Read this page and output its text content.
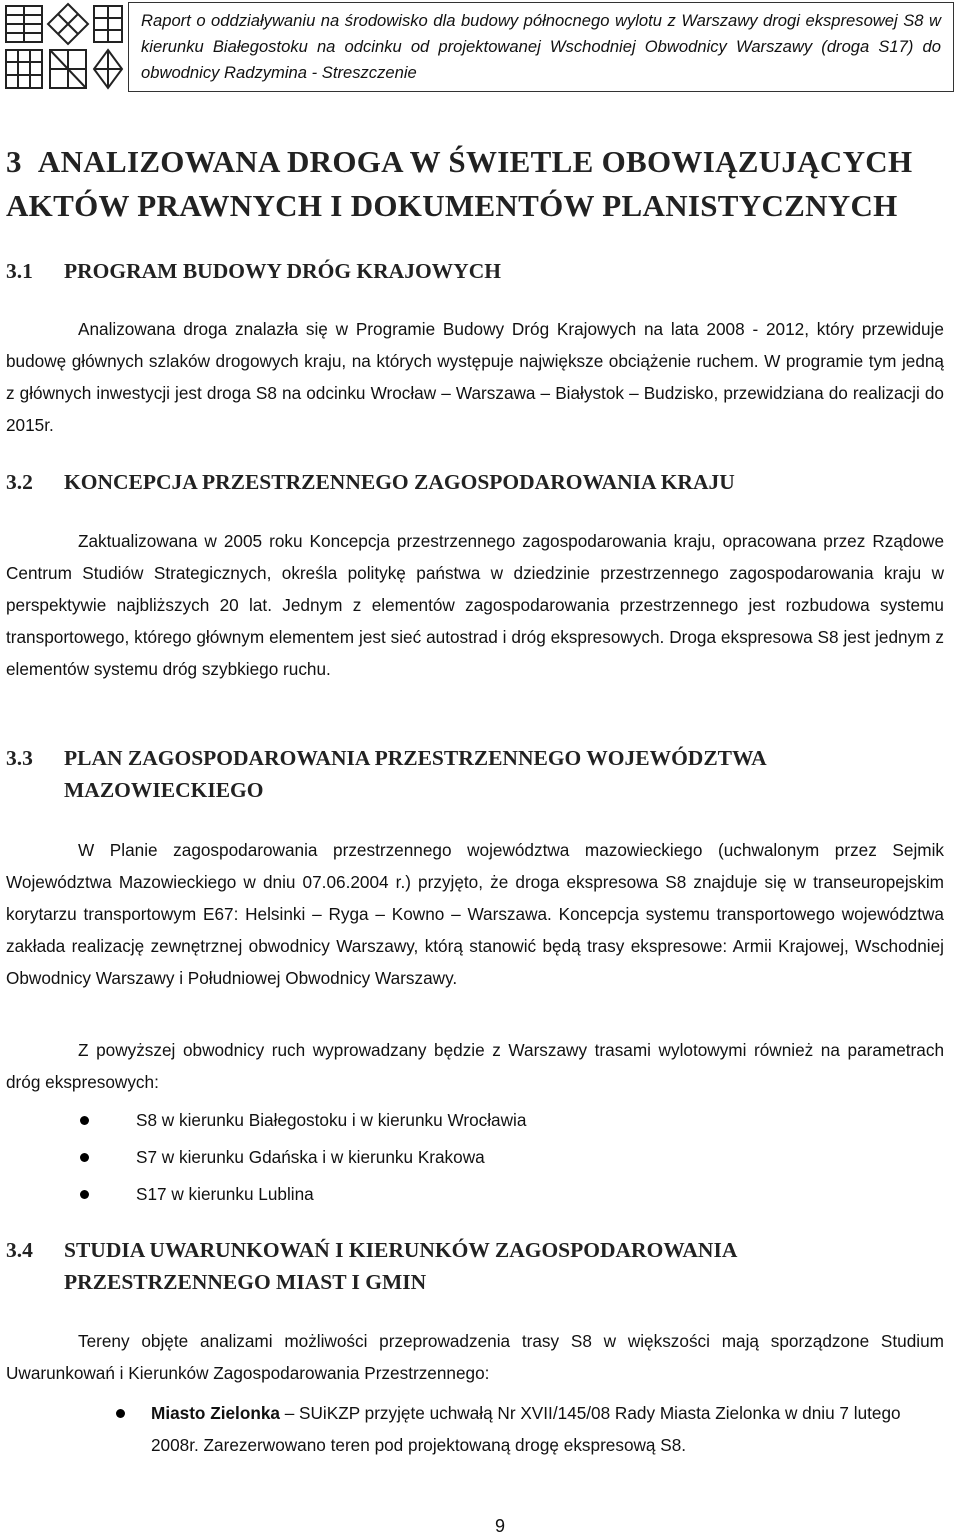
Raport o oddziaływaniu na środowisko dla budowy północnego wylotu z Warszawy drogi ekspresowej S8 w kierunku Białegostoku na odcinku od projektowanej Wschodniej Obwodnicy Warszawy (droga S17) do obwodnicy Radzymina - Streszczenie
3 ANALIZOWANA DROGA W ŚWIETLE OBOWIĄZUJĄCYCH AKTÓW PRAWNYCH I DOKUMENTÓW PLANISTYCZNYCH
3.1 PROGRAM BUDOWY DRÓG KRAJOWYCH
Analizowana droga znalazła się w Programie Budowy Dróg Krajowych na lata 2008 - 2012, który przewiduje budowę głównych szlaków drogowych kraju, na których występuje największe obciążenie ruchem. W programie tym jedną z głównych inwestycji jest droga S8 na odcinku Wrocław – Warszawa – Białystok – Budzisko, przewidziana do realizacji do 2015r.
3.2 KONCEPCJA PRZESTRZENNEGO ZAGOSPODAROWANIA KRAJU
Zaktualizowana w 2005 roku Koncepcja przestrzennego zagospodarowania kraju, opracowana przez Rządowe Centrum Studiów Strategicznych, określa politykę państwa w dziedzinie przestrzennego zagospodarowania kraju w perspektywie najbliższych 20 lat. Jednym z elementów zagospodarowania przestrzennego jest rozbudowa systemu transportowego, którego głównym elementem jest sieć autostrad i dróg ekspresowych. Droga ekspresowa S8 jest jednym z elementów systemu dróg szybkiego ruchu.
3.3 PLAN ZAGOSPODAROWANIA PRZESTRZENNEGO WOJEWÓDZTWA MAZOWIECKIEGO
W Planie zagospodarowania przestrzennego województwa mazowieckiego (uchwalonym przez Sejmik Województwa Mazowieckiego w dniu 07.06.2004 r.) przyjęto, że droga ekspresowa S8 znajduje się w transeuropejskim korytarzu transportowym E67: Helsinki – Ryga – Kowno – Warszawa. Koncepcja systemu transportowego województwa zakłada realizację zewnętrznej obwodnicy Warszawy, którą stanowić będą trasy ekspresowe: Armii Krajowej, Wschodniej Obwodnicy Warszawy i Południowej Obwodnicy Warszawy.
Z powyższej obwodnicy ruch wyprowadzany będzie z Warszawy trasami wylotowymi również na parametrach dróg ekspresowych:
S8 w kierunku Białegostoku i w kierunku Wrocławia
S7 w kierunku Gdańska i w kierunku Krakowa
S17 w kierunku Lublina
3.4 STUDIA UWARUNKOWAŃ I KIERUNKÓW ZAGOSPODAROWANIA PRZESTRZENNEGO MIAST I GMIN
Tereny objęte analizami możliwości przeprowadzenia trasy S8 w większości mają sporządzone Studium Uwarunkowań i Kierunków Zagospodarowania Przestrzennego:
Miasto Zielonka – SUiKZP przyjęte uchwałą Nr XVII/145/08 Rady Miasta Zielonka w dniu 7 lutego 2008r. Zarezerwowano teren pod projektowaną drogę ekspresową S8.
9
